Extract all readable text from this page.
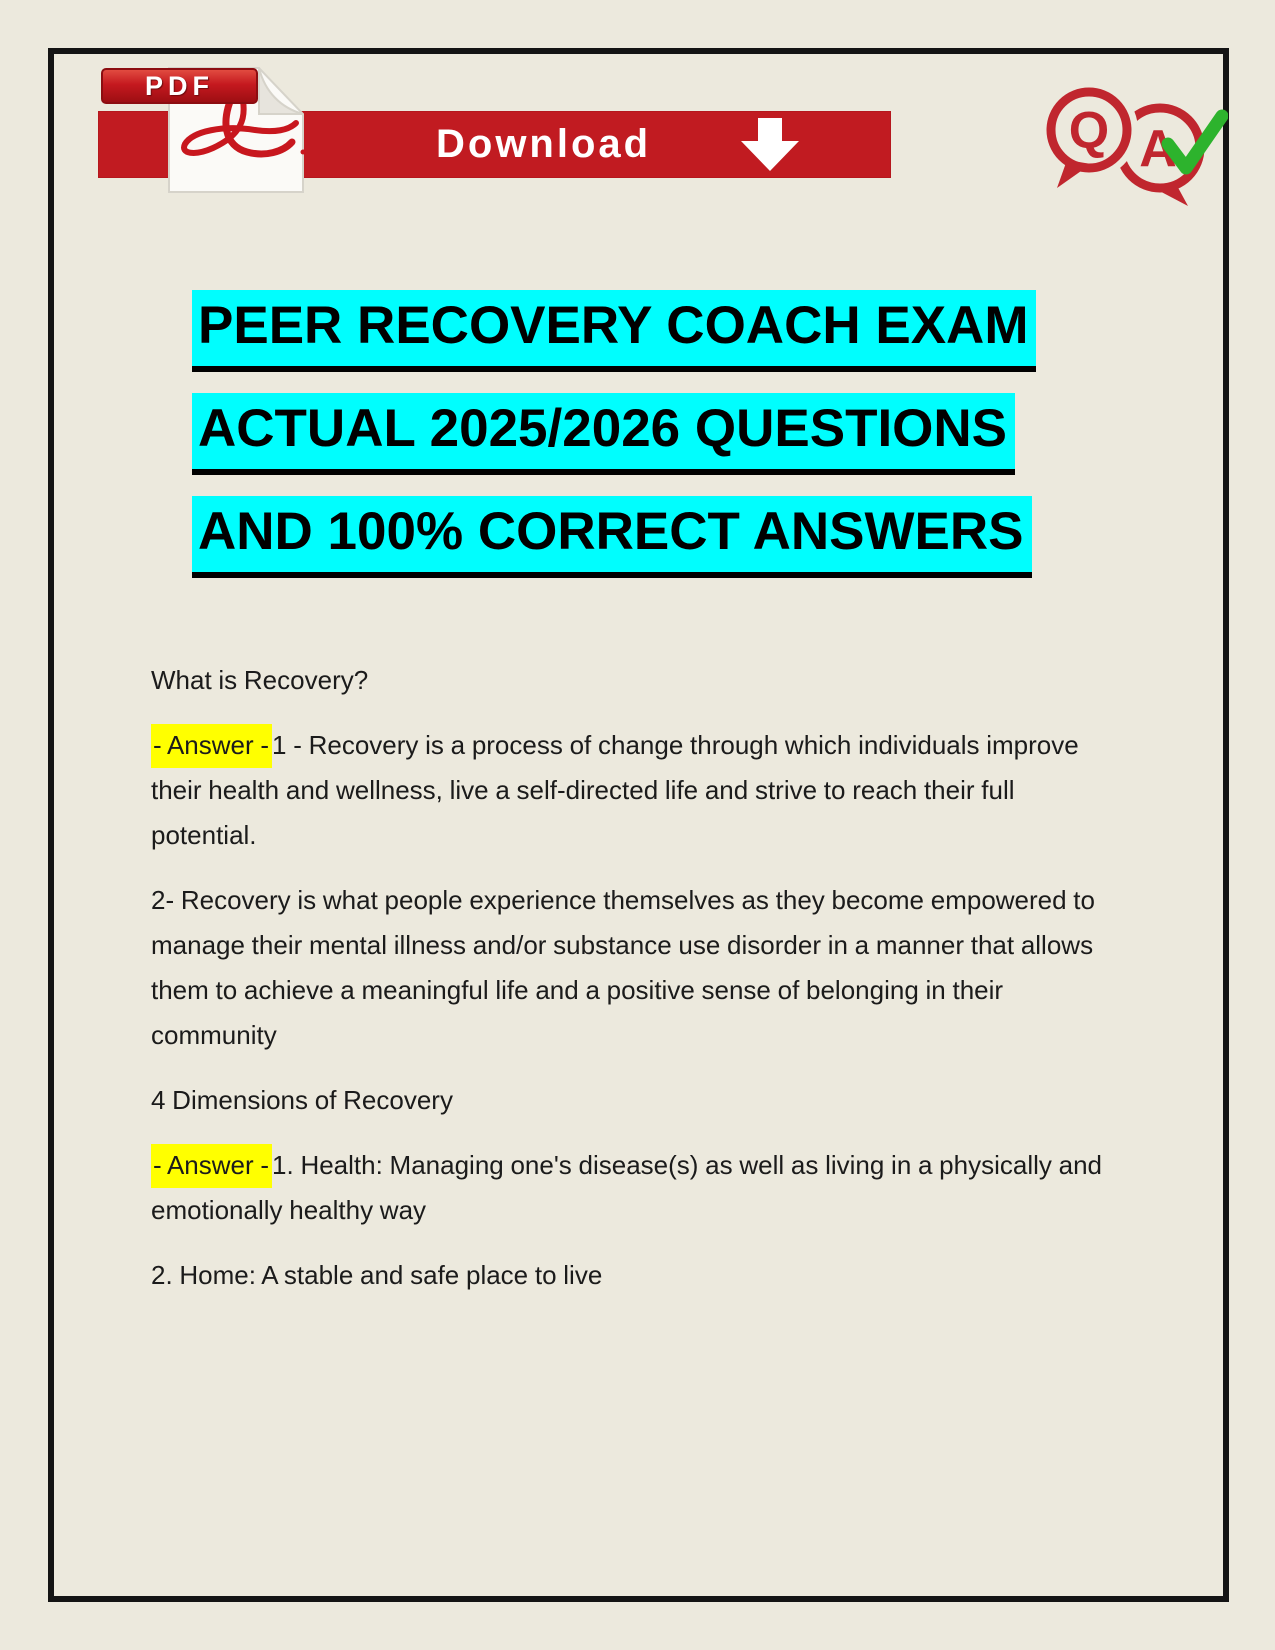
Download
PDF
Q A
PEER RECOVERY COACH EXAM
ACTUAL 2025/2026 QUESTIONS
AND 100% CORRECT ANSWERS

What is Recovery?

- Answer - 1 - Recovery is a process of change through which individuals improve their health and wellness, live a self-directed life and strive to reach their full potential.

2- Recovery is what people experience themselves as they become empowered to manage their mental illness and/or substance use disorder in a manner that allows them to achieve a meaningful life and a positive sense of belonging in their community

4 Dimensions of Recovery

- Answer - 1. Health: Managing one's disease(s) as well as living in a physically and emotionally healthy way

2. Home: A stable and safe place to live
